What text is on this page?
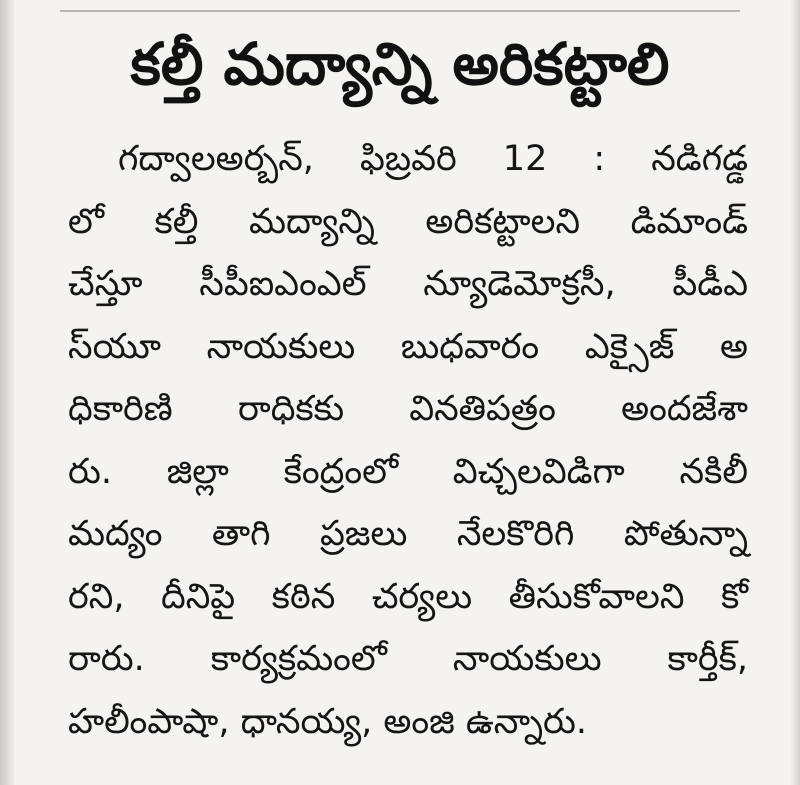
కల్తీ మద్యాన్ని అరికట్టాలి
గద్వాలఅర్బన్, ఫిబ్రవరి 12 : నడిగడ్డ
లో కల్తీ మద్యాన్ని అరికట్టాలని డిమాండ్
చేస్తూ సీపీఐఎంఎల్ న్యూడెమోక్రసీ, పీడీఎ
స్‌యూ నాయకులు బుధవారం ఎక్సైజ్ అ
ధికారిణి రాధికకు వినతిపత్రం అందజేశా
రు. జిల్లా కేంద్రంలో విచ్చలవిడిగా నకిలీ
మద్యం తాగి ప్రజలు నేలకొరిగి పోతున్నా
రని, దీనిపై కఠిన చర్యలు తీసుకోవాలని కో
రారు. కార్యక్రమంలో నాయకులు కార్తీక్,
హలీంపాషా, ధానయ్య, అంజి ఉన్నారు.
